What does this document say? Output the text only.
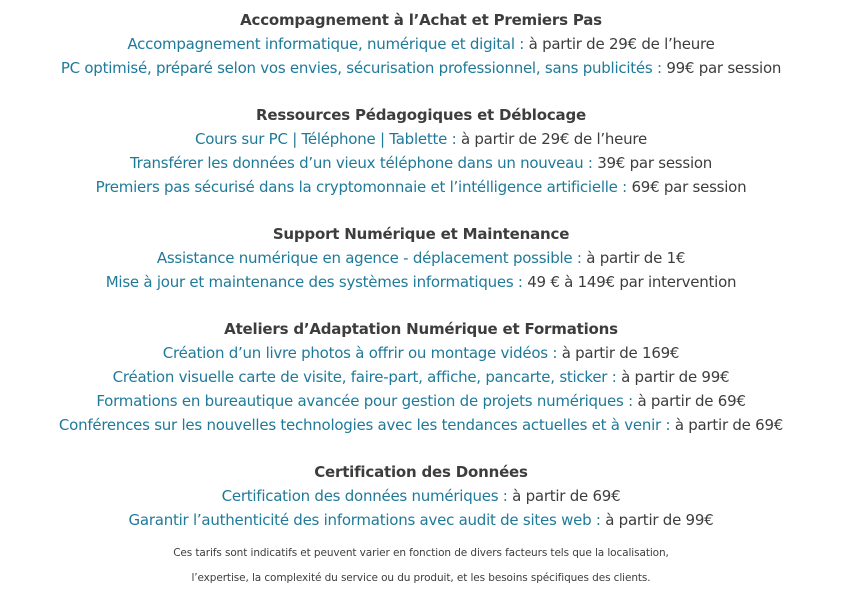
Accompagnement à l’Achat et Premiers Pas
Accompagnement informatique, numérique et digital : à partir de 29€ de l’heure
PC optimisé, préparé selon vos envies, sécurisation professionnel, sans publicités : 99€ par session
Ressources Pédagogiques et Déblocage
Cours sur PC | Téléphone | Tablette : à partir de 29€ de l’heure
Transférer les données d’un vieux téléphone dans un nouveau : 39€ par session
Premiers pas sécurisé dans la cryptomonnaie et l’intélligence artificielle : 69€ par session
Support Numérique et Maintenance
Assistance numérique en agence - déplacement possible : à partir de 1€
Mise à jour et maintenance des systèmes informatiques : 49 € à 149€ par intervention
Ateliers d’Adaptation Numérique et Formations
Création d’un livre photos à offrir ou montage vidéos : à partir de 169€
Création visuelle carte de visite, faire-part, affiche, pancarte, sticker : à partir de 99€
Formations en bureautique avancée pour gestion de projets numériques : à partir de 69€
Conférences sur les nouvelles technologies avec les tendances actuelles et à venir : à partir de 69€
Certification des Données
Certification des données numériques : à partir de 69€
Garantir l’authenticité des informations avec audit de sites web : à partir de 99€
Ces tarifs sont indicatifs et peuvent varier en fonction de divers facteurs tels que la localisation,
l’expertise, la complexité du service ou du produit, et les besoins spécifiques des clients.
